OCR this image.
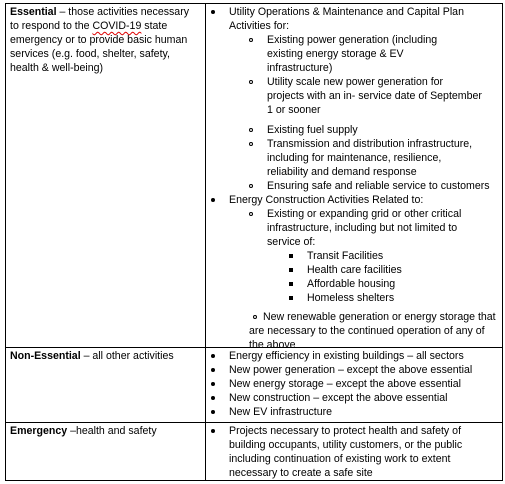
Essential – those activities necessary
to respond to the COVID-19 state
emergency or to provide basic human
services (e.g. food, shelter, safety,
health & well-being)
Utility Operations & Maintenance and Capital Plan
Activities for:
Existing power generation (including
existing energy storage & EV
infrastructure)
Utility scale new power generation for
projects with an in- service date of September
1 or sooner
Existing fuel supply
Transmission and distribution infrastructure,
including for maintenance, resilience,
reliability and demand response
Ensuring safe and reliable service to customers
Energy Construction Activities Related to:
Existing or expanding grid or other critical
infrastructure, including but not limited to
service of:
Transit Facilities
Health care facilities
Affordable housing
Homeless shelters
New renewable generation or energy storage that
are necessary to the continued operation of any of
the above
Non-Essential – all other activities	Energy efficiency in existing buildings – all sectors
New power generation – except the above essential
New energy storage – except the above essential
New construction – except the above essential
New EV infrastructure
Emergency –health and safety	Projects necessary to protect health and safety of
building occupants, utility customers, or the public
including continuation of existing work to extent
necessary to create a safe site
